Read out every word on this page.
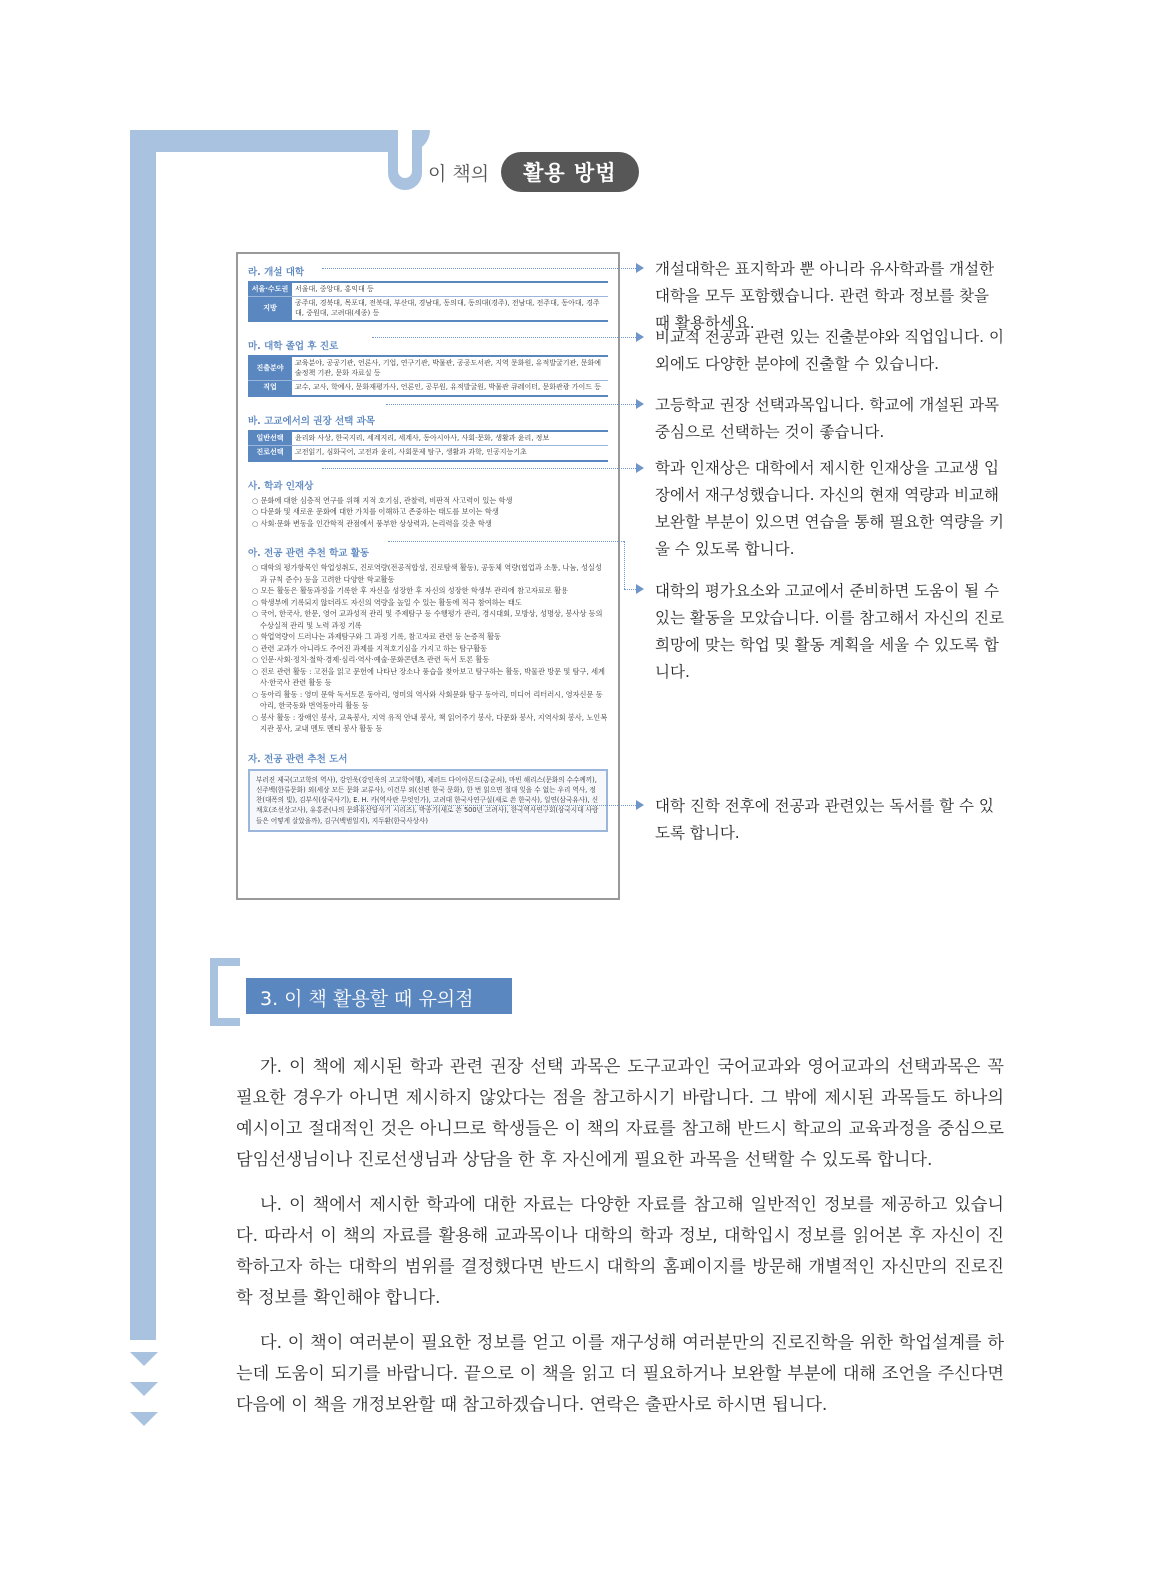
이 책의	활용 방법
라. 개설 대학
서울·수도권	서울대, 중앙대, 홍익대 등
지방	공주대, 경북대, 목포대, 전북대, 부산대, 경남대, 동의대, 동의대(경주), 전남대, 전주대, 동아대, 경주대, 중원대, 고려대(세종) 등
마. 대학 졸업 후 진로
진출분야	교육분야, 공공기관, 언론사, 기업, 연구기관, 박물관, 공공도서관, 지역 문화원, 유적발굴기관, 문화예술정책 기관, 문화 자료실 등
직업	교수, 교사, 학예사, 문화재평가사, 언론인, 공무원, 유적발굴원, 박물관 큐레이터, 문화관광 가이드 등
바. 고교에서의 권장 선택 과목
일반선택	윤리와 사상, 한국지리, 세계지리, 세계사, 동아시아사, 사회·문화, 생활과 윤리, 정보
진로선택	고전읽기, 심화국어, 고전과 윤리, 사회문제 탐구, 생활과 과학, 인공지능기초
사. 학과 인재상
○ 문화에 대한 심층적 연구를 위해 지적 호기심, 관찰력, 비판적 사고력이 있는 학생
○ 다문화 및 새로운 문화에 대한 가치를 이해하고 존중하는 태도를 보이는 학생
○ 사회·문화 변동을 인간학적 관점에서 풍부한 상상력과, 논리력을 갖춘 학생
아. 전공 관련 추천 학교 활동
○ 대학의 평가항목인 학업성취도, 진로역량(전공적합성, 진로탐색 활동), 공동체 역량(협업과 소통, 나눔, 성실성과 규칙 준수) 등을 고려한 다양한 학교활동
○ 모든 활동은 활동과정을 기록한 후 자신을 성장한 후 자신의 성장한 학생부 관리에 참고자료로 활용
○ 학생부에 기록되지 않더라도 자신의 역량을 높일 수 있는 활동에 적극 참여하는 태도
○ 국어, 한국사, 한문, 영어 교과성적 관리 및 주제탐구 등 수행평가 관리, 경시대회, 모방상, 성명상, 봉사상 등의 수상실적 관리 및 노력 과정 기록
○ 학업역량이 드러나는 과제탐구와 그 과정 기록, 참고자료 관련 등 논증적 활동
○ 관련 교과가 아니라도 주어진 과제를 지적호기심을 가지고 하는 탐구활동
○ 인문·사회·정치·철학·경제·심리·역사·예술·문화콘텐츠 관련 독서 토론 활동
○ 진로 관련 활동 : 고전을 읽고 문헌에 나타난 장소나 풍습을 찾아보고 탐구하는 활동, 박물관 방문 및 탐구, 세계사·한국사 관련 활동 등
○ 동아리 활동 : 영미 문학 독서토론 동아리, 영미의 역사와 사회문화 탐구 동아리, 미디어 리터러시, 영자신문 동아리, 한국동화 번역동아리 활동 등
○ 봉사 활동 : 장애인 봉사, 교육봉사, 지역 유적 안내 봉사, 책 읽어주기 봉사, 다문화 봉사, 지역사회 봉사, 노인복지관 봉사, 교내 멘토 멘티 봉사 활동 등
자. 전공 관련 추천 도서
부러진 제국(고고학의 역사), 강인욱(강인욱의 고고학여행), 제러드 다이아몬드(총균쇠), 마빈 해리스(문화의 수수께끼), 신주백(한류문화) 외(세상 모든 문화 교류사), 이건무 외(신편 한국 문화), 한 번 읽으면 절대 잊을 수 없는 우리 역사, 정찬(대폭의 빛), 김부식(삼국사기), E. H. 카(역사란 무엇인가), 고려대 한국사연구실(새로 쓴 한국사), 일연(삼국유사), 신채호(조선상고사), 유홍준(나의 문화유산답사기 시리즈), 박종기(새로 쓴 500년 고려사), 한국역사연구회(삼국시대 사람들은 어떻게 살았을까), 김구(백범일지), 지두환(한국사상사)
개설대학은 표지학과 뿐 아니라 유사학과를 개설한 대학을 모두 포함했습니다. 관련 학과 정보를 찾을 때 활용하세요.
비교적 전공과 관련 있는 진출분야와 직업입니다. 이 외에도 다양한 분야에 진출할 수 있습니다.
고등학교 권장 선택과목입니다. 학교에 개설된 과목 중심으로 선택하는 것이 좋습니다.
학과 인재상은 대학에서 제시한 인재상을 고교생 입장에서 재구성했습니다. 자신의 현재 역량과 비교해 보완할 부분이 있으면 연습을 통해 필요한 역량을 키울 수 있도록 합니다.
대학의 평가요소와 고교에서 준비하면 도움이 될 수 있는 활동을 모았습니다. 이를 참고해서 자신의 진로 희망에 맞는 학업 및 활동 계획을 세울 수 있도록 합니다.
대학 진학 전후에 전공과 관련있는 독서를 할 수 있도록 합니다.
3. 이 책 활용할 때 유의점

가. 이 책에 제시된 학과 관련 권장 선택 과목은 도구교과인 국어교과와 영어교과의 선택과목은 꼭 필요한 경우가 아니면 제시하지 않았다는 점을 참고하시기 바랍니다. 그 밖에 제시된 과목들도 하나의 예시이고 절대적인 것은 아니므로 학생들은 이 책의 자료를 참고해 반드시 학교의 교육과정을 중심으로 담임선생님이나 진로선생님과 상담을 한 후 자신에게 필요한 과목을 선택할 수 있도록 합니다.

나. 이 책에서 제시한 학과에 대한 자료는 다양한 자료를 참고해 일반적인 정보를 제공하고 있습니다. 따라서 이 책의 자료를 활용해 교과목이나 대학의 학과 정보, 대학입시 정보를 읽어본 후 자신이 진학하고자 하는 대학의 범위를 결정했다면 반드시 대학의 홈페이지를 방문해 개별적인 자신만의 진로진학 정보를 확인해야 합니다.

다. 이 책이 여러분이 필요한 정보를 얻고 이를 재구성해 여러분만의 진로진학을 위한 학업설계를 하는데 도움이 되기를 바랍니다. 끝으로 이 책을 읽고 더 필요하거나 보완할 부분에 대해 조언을 주신다면 다음에 이 책을 개정보완할 때 참고하겠습니다. 연락은 출판사로 하시면 됩니다.
